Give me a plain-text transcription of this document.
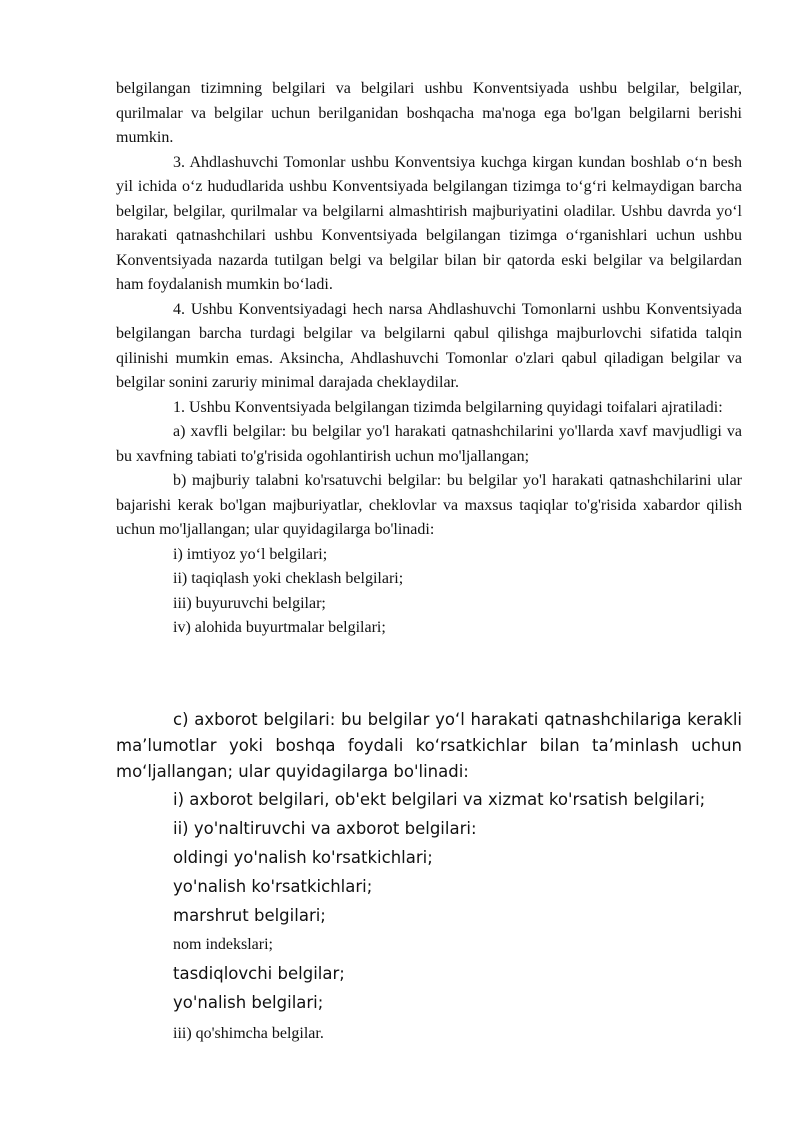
belgilangan tizimning belgilari va belgilari ushbu Konventsiyada ushbu belgilar, belgilar, qurilmalar va belgilar uchun berilganidan boshqacha ma'noga ega bo'lgan belgilarni berishi mumkin.

3. Ahdlashuvchi Tomonlar ushbu Konventsiya kuchga kirgan kundan boshlab o‘n besh yil ichida o‘z hududlarida ushbu Konventsiyada belgilangan tizimga to‘g‘ri kelmaydigan barcha belgilar, belgilar, qurilmalar va belgilarni almashtirish majburiyatini oladilar. Ushbu davrda yo‘l harakati qatnashchilari ushbu Konventsiyada belgilangan tizimga o‘rganishlari uchun ushbu Konventsiyada nazarda tutilgan belgi va belgilar bilan bir qatorda eski belgilar va belgilardan ham foydalanish mumkin bo‘ladi.

4. Ushbu Konventsiyadagi hech narsa Ahdlashuvchi Tomonlarni ushbu Konventsiyada belgilangan barcha turdagi belgilar va belgilarni qabul qilishga majburlovchi sifatida talqin qilinishi mumkin emas. Aksincha, Ahdlashuvchi Tomonlar o'zlari qabul qiladigan belgilar va belgilar sonini zaruriy minimal darajada cheklaydilar.

1. Ushbu Konventsiyada belgilangan tizimda belgilarning quyidagi toifalari ajratiladi:

a) xavfli belgilar: bu belgilar yo'l harakati qatnashchilarini yo'llarda xavf mavjudligi va bu xavfning tabiati to'g'risida ogohlantirish uchun mo'ljallangan;

b) majburiy talabni ko'rsatuvchi belgilar: bu belgilar yo'l harakati qatnashchilarini ular bajarishi kerak bo'lgan majburiyatlar, cheklovlar va maxsus taqiqlar to'g'risida xabardor qilish uchun mo'ljallangan; ular quyidagilarga bo'linadi:

i) imtiyoz yo‘l belgilari;

ii) taqiqlash yoki cheklash belgilari;

iii) buyuruvchi belgilar;

iv) alohida buyurtmalar belgilari;

c) axborot belgilari: bu belgilar yo‘l harakati qatnashchilariga kerakli ma’lumotlar yoki boshqa foydali ko‘rsatkichlar bilan ta’minlash uchun mo‘ljallangan; ular quyidagilarga bo'linadi:

i) axborot belgilari, ob'ekt belgilari va xizmat ko'rsatish belgilari;

ii) yo'naltiruvchi va axborot belgilari:

oldingi yo'nalish ko'rsatkichlari;

yo'nalish ko'rsatkichlari;

marshrut belgilari;

nom indekslari;

tasdiqlovchi belgilar;

yo'nalish belgilari;

iii) qo'shimcha belgilar.
